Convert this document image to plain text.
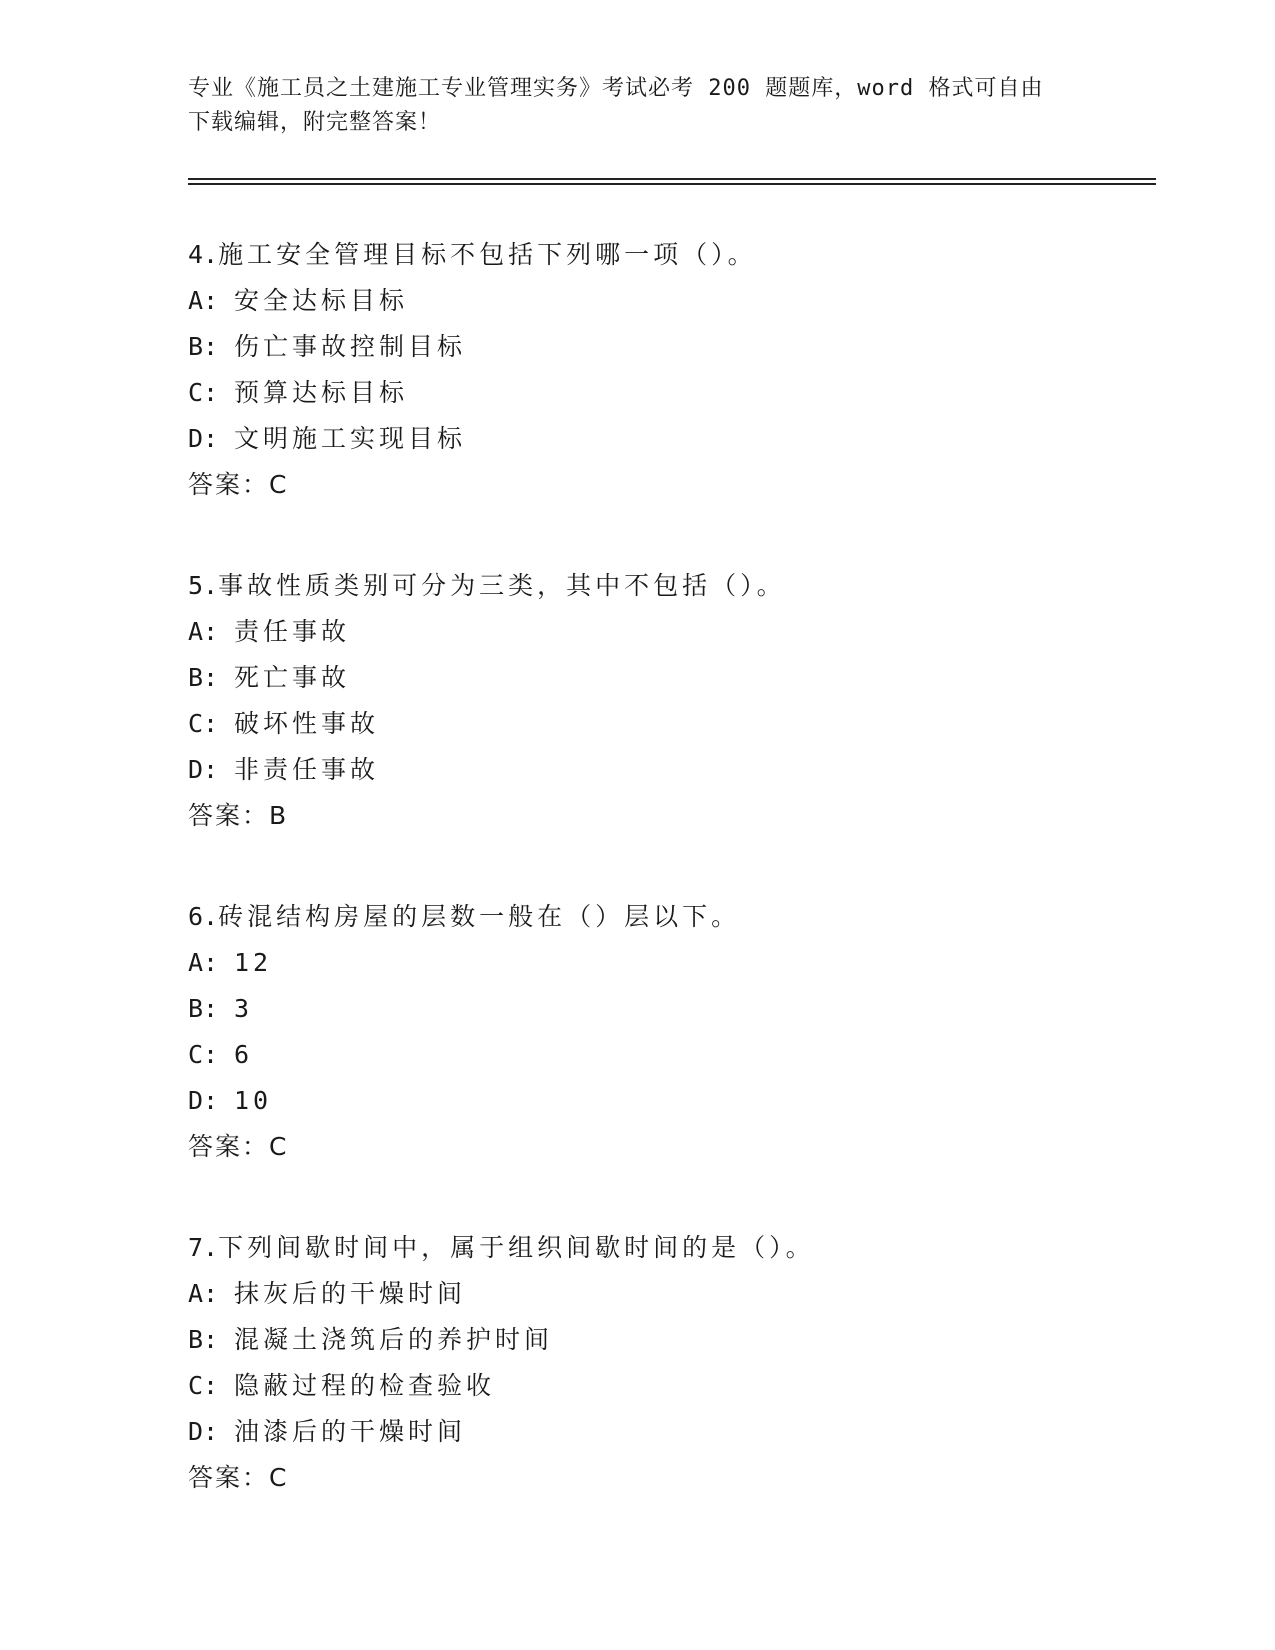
专业《施工员之土建施工专业管理实务》考试必考 200 题题库，word 格式可自由
下载编辑，附完整答案！
4.施工安全管理目标不包括下列哪一项（）。
A: 安全达标目标
B: 伤亡事故控制目标
C: 预算达标目标
D: 文明施工实现目标
答案：C
5.事故性质类别可分为三类，其中不包括（）。
A: 责任事故
B: 死亡事故
C: 破坏性事故
D: 非责任事故
答案：B
6.砖混结构房屋的层数一般在（）层以下。
A: 12
B: 3
C: 6
D: 10
答案：C
7.下列间歇时间中，属于组织间歇时间的是（）。
A: 抹灰后的干燥时间
B: 混凝土浇筑后的养护时间
C: 隐蔽过程的检查验收
D: 油漆后的干燥时间
答案：C
